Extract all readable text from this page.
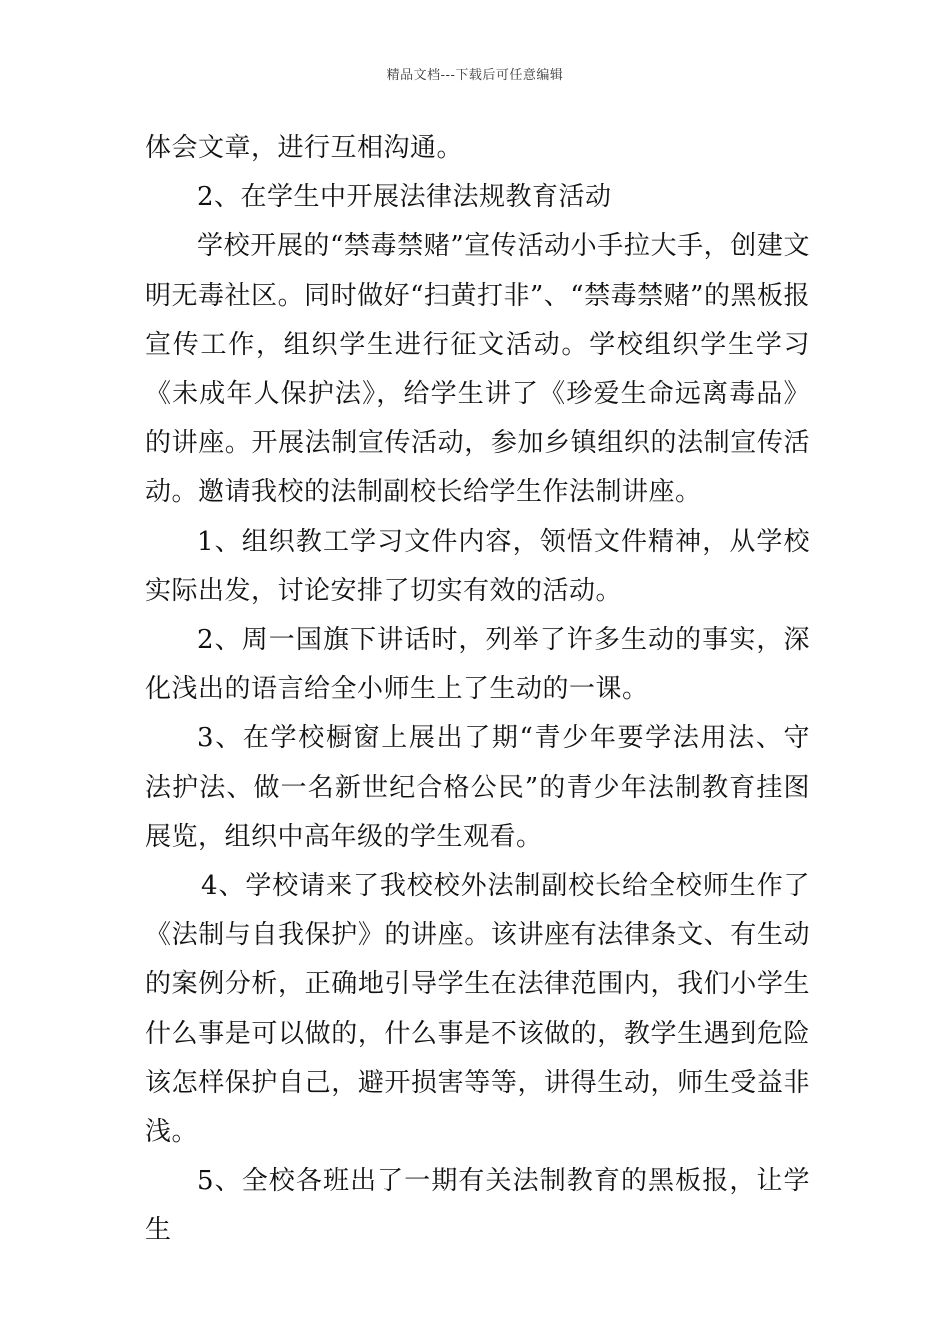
精品文档---下载后可任意编辑

体会文章，进行互相沟通。

2、在学生中开展法律法规教育活动

学校开展的“禁毒禁赌”宣传活动小手拉大手，创建文明无毒社区。同时做好“扫黄打非”、“禁毒禁赌”的黑板报宣传工作，组织学生进行征文活动。学校组织学生学习《未成年人保护法》，给学生讲了《珍爱生命远离毒品》的讲座。开展法制宣传活动，参加乡镇组织的法制宣传活动。邀请我校的法制副校长给学生作法制讲座。

1、组织教工学习文件内容，领悟文件精神，从学校实际出发，讨论安排了切实有效的活动。

2、周一国旗下讲话时，列举了许多生动的事实，深化浅出的语言给全小师生上了生动的一课。

3、在学校橱窗上展出了期“青少年要学法用法、守法护法、做一名新世纪合格公民”的青少年法制教育挂图展览，组织中高年级的学生观看。

4、学校请来了我校校外法制副校长给全校师生作了《法制与自我保护》的讲座。该讲座有法律条文、有生动的案例分析，正确地引导学生在法律范围内，我们小学生什么事是可以做的，什么事是不该做的，教学生遇到危险该怎样保护自己，避开损害等等，讲得生动，师生受益非浅。

5、全校各班出了一期有关法制教育的黑板报，让学生
